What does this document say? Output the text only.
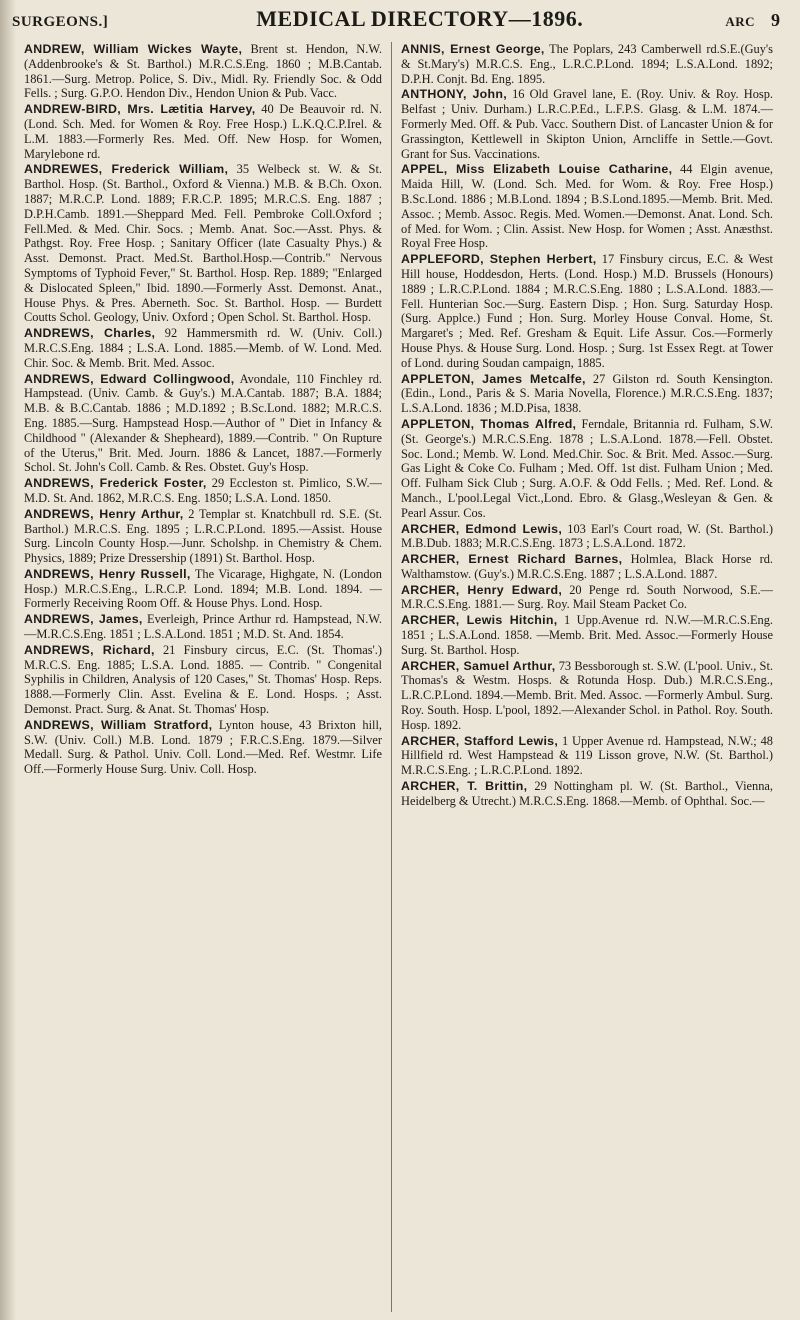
SURGEONS.]	MEDICAL DIRECTORY—1896.	ARC 9

ANDREW, William Wickes Wayte, Brent st. Hendon, N.W. (Addenbrooke's & St. Barthol.) M.R.C.S.Eng. 1860 ; M.B.Cantab. 1861.—Surg. Metrop. Police, S. Div., Midl. Ry. Friendly Soc. & Odd Fells. ; Surg. G.P.O. Hendon Div., Hendon Union & Pub. Vacc.

ANDREW-BIRD, Mrs. Lætitia Harvey, 40 De Beauvoir rd. N. (Lond. Sch. Med. for Women & Roy. Free Hosp.) L.K.Q.C.P.Irel. & L.M. 1883.—Formerly Res. Med. Off. New Hosp. for Women, Marylebone rd.

ANDREWES, Frederick William, 35 Welbeck st. W. & St. Barthol. Hosp. (St. Barthol., Oxford & Vienna.) M.B. & B.Ch. Oxon. 1887; M.R.C.P. Lond. 1889; F.R.C.P. 1895; M.R.C.S. Eng. 1887 ; D.P.H.Camb. 1891.—Sheppard Med. Fell. Pembroke Coll.Oxford ; Fell.Med. & Med. Chir. Socs. ; Memb. Anat. Soc.—Asst. Phys. & Pathgst. Roy. Free Hosp. ; Sanitary Officer (late Casualty Phys.) & Asst. Demonst. Pract. Med.St. Barthol.Hosp.—Contrib." Nervous Symptoms of Typhoid Fever," St. Barthol. Hosp. Rep. 1889; "Enlarged & Dislocated Spleen," Ibid. 1890.—Formerly Asst. Demonst. Anat., House Phys. & Pres. Aberneth. Soc. St. Barthol. Hosp. — Burdett Coutts Schol. Geology, Univ. Oxford ; Open Schol. St. Barthol. Hosp.

ANDREWS, Charles, 92 Hammersmith rd. W. (Univ. Coll.) M.R.C.S.Eng. 1884 ; L.S.A. Lond. 1885.—Memb. of W. Lond. Med. Chir. Soc. & Memb. Brit. Med. Assoc.

ANDREWS, Edward Collingwood, Avondale, 110 Finchley rd. Hampstead. (Univ. Camb. & Guy's.) M.A.Cantab. 1887; B.A. 1884; M.B. & B.C.Cantab. 1886 ; M.D.1892 ; B.Sc.Lond. 1882; M.R.C.S. Eng. 1885.—Surg. Hampstead Hosp.—Author of " Diet in Infancy & Childhood " (Alexander & Shepheard), 1889.—Contrib. " On Rupture of the Uterus," Brit. Med. Journ. 1886 & Lancet, 1887.—Formerly Schol. St. John's Coll. Camb. & Res. Obstet. Guy's Hosp.

ANDREWS, Frederick Foster, 29 Eccleston st. Pimlico, S.W.—M.D. St. And. 1862, M.R.C.S. Eng. 1850; L.S.A. Lond. 1850.

ANDREWS, Henry Arthur, 2 Templar st. Knatchbull rd. S.E. (St. Barthol.) M.R.C.S. Eng. 1895 ; L.R.C.P.Lond. 1895.—Assist. House Surg. Lincoln County Hosp.—Junr. Scholshp. in Chemistry & Chem. Physics, 1889; Prize Dressership (1891) St. Barthol. Hosp.

ANDREWS, Henry Russell, The Vicarage, Highgate, N. (London Hosp.) M.R.C.S.Eng., L.R.C.P. Lond. 1894; M.B. Lond. 1894. — Formerly Receiving Room Off. & House Phys. Lond. Hosp.

ANDREWS, James, Everleigh, Prince Arthur rd. Hampstead, N.W.—M.R.C.S.Eng. 1851 ; L.S.A.Lond. 1851 ; M.D. St. And. 1854.

ANDREWS, Richard, 21 Finsbury circus, E.C. (St. Thomas'.) M.R.C.S. Eng. 1885; L.S.A. Lond. 1885. — Contrib. " Congenital Syphilis in Children, Analysis of 120 Cases," St. Thomas' Hosp. Reps. 1888.—Formerly Clin. Asst. Evelina & E. Lond. Hosps. ; Asst. Demonst. Pract. Surg. & Anat. St. Thomas' Hosp.

ANDREWS, William Stratford, Lynton house, 43 Brixton hill, S.W. (Univ. Coll.) M.B. Lond. 1879 ; F.R.C.S.Eng. 1879.—Silver Medall. Surg. & Pathol. Univ. Coll. Lond.—Med. Ref. Westmr. Life Off.—Formerly House Surg. Univ. Coll. Hosp.

ANNIS, Ernest George, The Poplars, 243 Camberwell rd.S.E.(Guy's & St.Mary's) M.R.C.S. Eng., L.R.C.P.Lond. 1894; L.S.A.Lond. 1892; D.P.H. Conjt. Bd. Eng. 1895.

ANTHONY, John, 16 Old Gravel lane, E. (Roy. Univ. & Roy. Hosp. Belfast ; Univ. Durham.) L.R.C.P.Ed., L.F.P.S. Glasg. & L.M. 1874.—Formerly Med. Off. & Pub. Vacc. Southern Dist. of Lancaster Union & for Grassington, Kettlewell in Skipton Union, Arncliffe in Settle.—Govt. Grant for Sus. Vaccinations.

APPEL, Miss Elizabeth Louise Catharine, 44 Elgin avenue, Maida Hill, W. (Lond. Sch. Med. for Wom. & Roy. Free Hosp.) B.Sc.Lond. 1886 ; M.B.Lond. 1894 ; B.S.Lond.1895.—Memb. Brit. Med. Assoc. ; Memb. Assoc. Regis. Med. Women.—Demonst. Anat. Lond. Sch. of Med. for Wom. ; Clin. Assist. New Hosp. for Women ; Asst. Anæsthst. Royal Free Hosp.

APPLEFORD, Stephen Herbert, 17 Finsbury circus, E.C. & West Hill house, Hoddesdon, Herts. (Lond. Hosp.) M.D. Brussels (Honours) 1889 ; L.R.C.P.Lond. 1884 ; M.R.C.S.Eng. 1880 ; L.S.A.Lond. 1883.—Fell. Hunterian Soc.—Surg. Eastern Disp. ; Hon. Surg. Saturday Hosp. (Surg. Applce.) Fund ; Hon. Surg. Morley House Conval. Home, St. Margaret's ; Med. Ref. Gresham & Equit. Life Assur. Cos.—Formerly House Phys. & House Surg. Lond. Hosp. ; Surg. 1st Essex Regt. at Tower of Lond. during Soudan campaign, 1885.

APPLETON, James Metcalfe, 27 Gilston rd. South Kensington. (Edin., Lond., Paris & S. Maria Novella, Florence.) M.R.C.S.Eng. 1837; L.S.A.Lond. 1836 ; M.D.Pisa, 1838.

APPLETON, Thomas Alfred, Ferndale, Britannia rd. Fulham, S.W. (St. George's.) M.R.C.S.Eng. 1878 ; L.S.A.Lond. 1878.—Fell. Obstet. Soc. Lond.; Memb. W. Lond. Med.Chir. Soc. & Brit. Med. Assoc.—Surg. Gas Light & Coke Co. Fulham ; Med. Off. 1st dist. Fulham Union ; Med. Off. Fulham Sick Club ; Surg. A.O.F. & Odd Fells. ; Med. Ref. Lond. & Manch., L'pool.Legal Vict.,Lond. Ebro. & Glasg.,Wesleyan & Gen. & Pearl Assur. Cos.

ARCHER, Edmond Lewis, 103 Earl's Court road, W. (St. Barthol.) M.B.Dub. 1883; M.R.C.S.Eng. 1873 ; L.S.A.Lond. 1872.

ARCHER, Ernest Richard Barnes, Holmlea, Black Horse rd. Walthamstow. (Guy's.) M.R.C.S.Eng. 1887 ; L.S.A.Lond. 1887.

ARCHER, Henry Edward, 20 Penge rd. South Norwood, S.E.—M.R.C.S.Eng. 1881.— Surg. Roy. Mail Steam Packet Co.

ARCHER, Lewis Hitchin, 1 Upp.Avenue rd. N.W.—M.R.C.S.Eng. 1851 ; L.S.A.Lond. 1858. —Memb. Brit. Med. Assoc.—Formerly House Surg. St. Barthol. Hosp.

ARCHER, Samuel Arthur, 73 Bessborough st. S.W. (L'pool. Univ., St. Thomas's & Westm. Hosps. & Rotunda Hosp. Dub.) M.R.C.S.Eng., L.R.C.P.Lond. 1894.—Memb. Brit. Med. Assoc. —Formerly Ambul. Surg. Roy. South. Hosp. L'pool, 1892.—Alexander Schol. in Pathol. Roy. South. Hosp. 1892.

ARCHER, Stafford Lewis, 1 Upper Avenue rd. Hampstead, N.W.; 48 Hillfield rd. West Hampstead & 119 Lisson grove, N.W. (St. Barthol.) M.R.C.S.Eng. ; L.R.C.P.Lond. 1892.

ARCHER, T. Brittin, 29 Nottingham pl. W. (St. Barthol., Vienna, Heidelberg & Utrecht.) M.R.C.S.Eng. 1868.—Memb. of Ophthal. Soc.—
